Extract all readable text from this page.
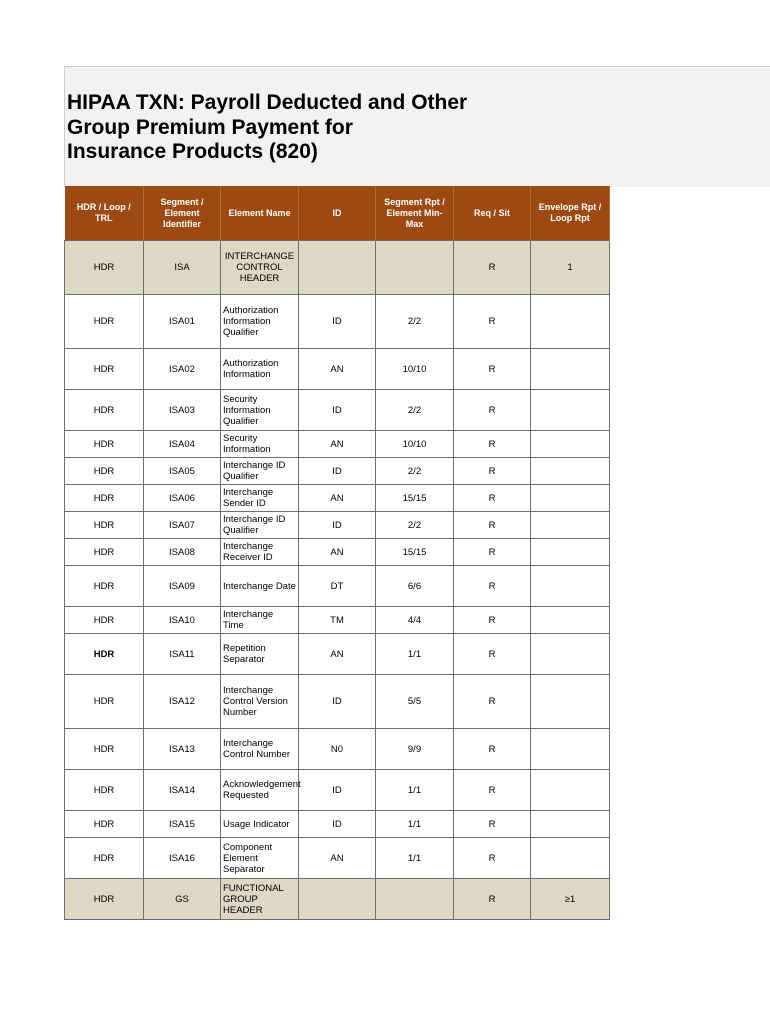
HIPAA TXN: Payroll Deducted and Other
Group Premium Payment for
Insurance Products (820)
HDR / Loop / TRL	Segment / Element Identifier	Element Name	ID	Segment Rpt / Element Min-Max	Req / Sit	Envelope Rpt / Loop Rpt
HDR	ISA	INTERCHANGE CONTROL HEADER			R	1
HDR	ISA01	Authorization Information Qualifier	ID	2/2	R	
HDR	ISA02	Authorization Information	AN	10/10	R	
HDR	ISA03	Security Information Qualifier	ID	2/2	R	
HDR	ISA04	Security Information	AN	10/10	R	
HDR	ISA05	Interchange ID Qualifier	ID	2/2	R	
HDR	ISA06	Interchange Sender ID	AN	15/15	R	
HDR	ISA07	Interchange ID Qualifier	ID	2/2	R	
HDR	ISA08	Interchange Receiver ID	AN	15/15	R	
HDR	ISA09	Interchange Date	DT	6/6	R	
HDR	ISA10	Interchange Time	TM	4/4	R	
HDR	ISA11	Repetition Separator	AN	1/1	R	
HDR	ISA12	Interchange Control Version Number	ID	5/5	R	
HDR	ISA13	Interchange Control Number	N0	9/9	R	
HDR	ISA14	Acknowledgement Requested	ID	1/1	R	
HDR	ISA15	Usage Indicator	ID	1/1	R	
HDR	ISA16	Component Element Separator	AN	1/1	R	
HDR	GS	FUNCTIONAL GROUP HEADER			R	≥1
